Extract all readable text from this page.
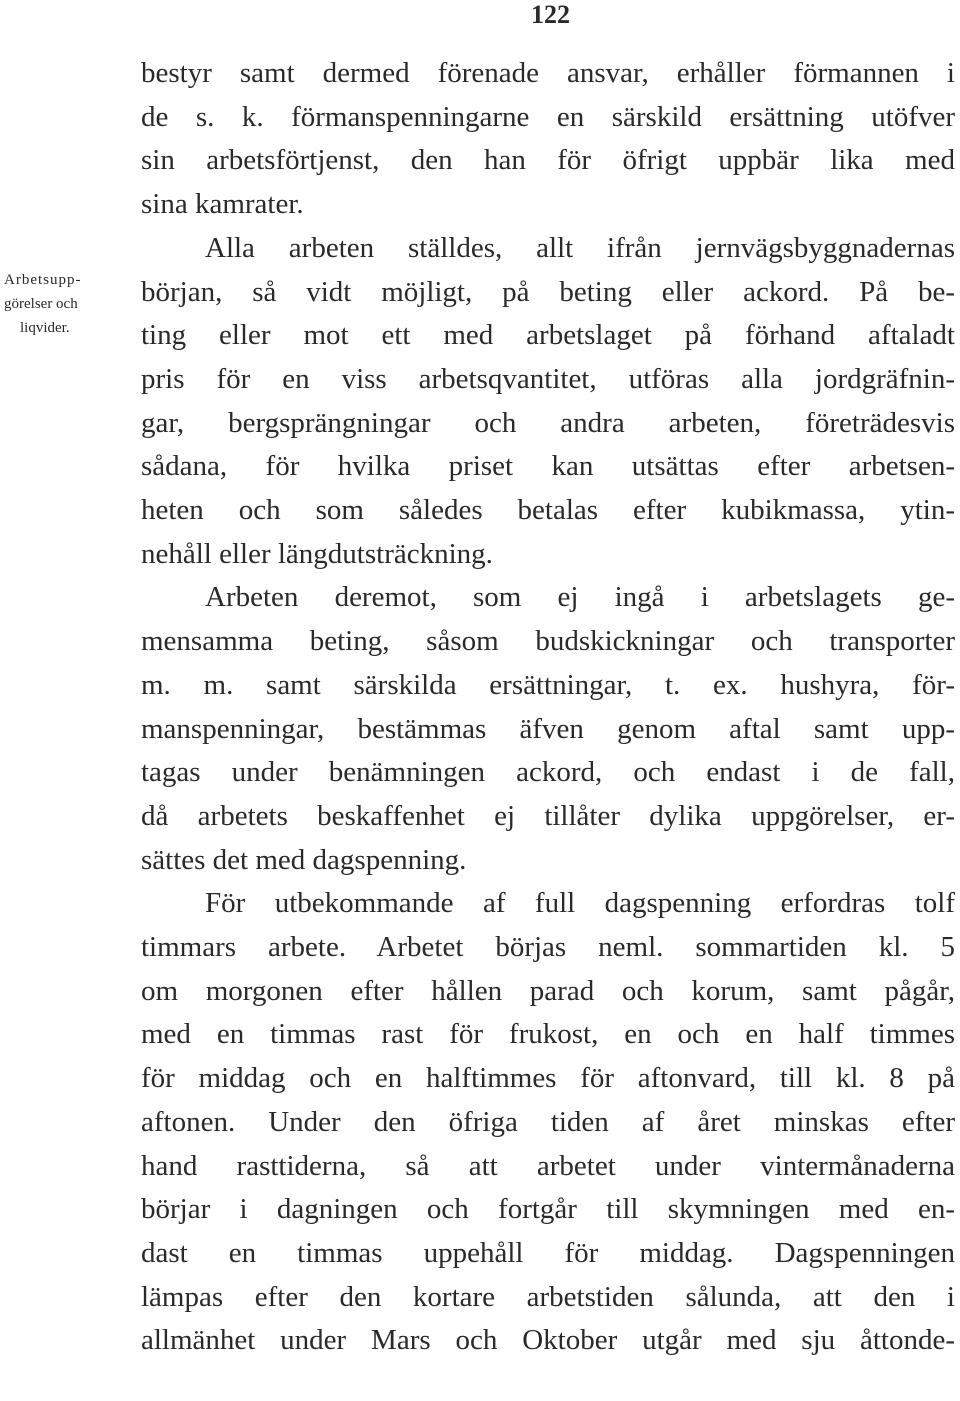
122
Arbetsupp-
görelser och
liqvider.
bestyr samt dermed förenade ansvar, erhåller förmannen i
de s. k. förmanspenningarne en särskild ersättning utöfver
sin arbetsförtjenst, den han för öfrigt uppbär lika med
sina kamrater.
Alla arbeten ställdes, allt ifrån jernvägsbyggnadernas
början, så vidt möjligt, på beting eller ackord. På be-
ting eller mot ett med arbetslaget på förhand aftaladt
pris för en viss arbetsqvantitet, utföras alla jordgräfnin-
gar, bergsprängningar och andra arbeten, företrädesvis
sådana, för hvilka priset kan utsättas efter arbetsen-
heten och som således betalas efter kubikmassa, ytin-
nehåll eller längdutsträckning.
Arbeten deremot, som ej ingå i arbetslagets ge-
mensamma beting, såsom budskickningar och transporter
m. m. samt särskilda ersättningar, t. ex. hushyra, för-
manspenningar, bestämmas äfven genom aftal samt upp-
tagas under benämningen ackord, och endast i de fall,
då arbetets beskaffenhet ej tillåter dylika uppgörelser, er-
sättes det med dagspenning.
För utbekommande af full dagspenning erfordras tolf
timmars arbete. Arbetet börjas neml. sommartiden kl. 5
om morgonen efter hållen parad och korum, samt pågår,
med en timmas rast för frukost, en och en half timmes
för middag och en halftimmes för aftonvard, till kl. 8 på
aftonen. Under den öfriga tiden af året minskas efter
hand rasttiderna, så att arbetet under vintermånaderna
börjar i dagningen och fortgår till skymningen med en-
dast en timmas uppehåll för middag. Dagspenningen
lämpas efter den kortare arbetstiden sålunda, att den i
allmänhet under Mars och Oktober utgår med sju åttonde-
